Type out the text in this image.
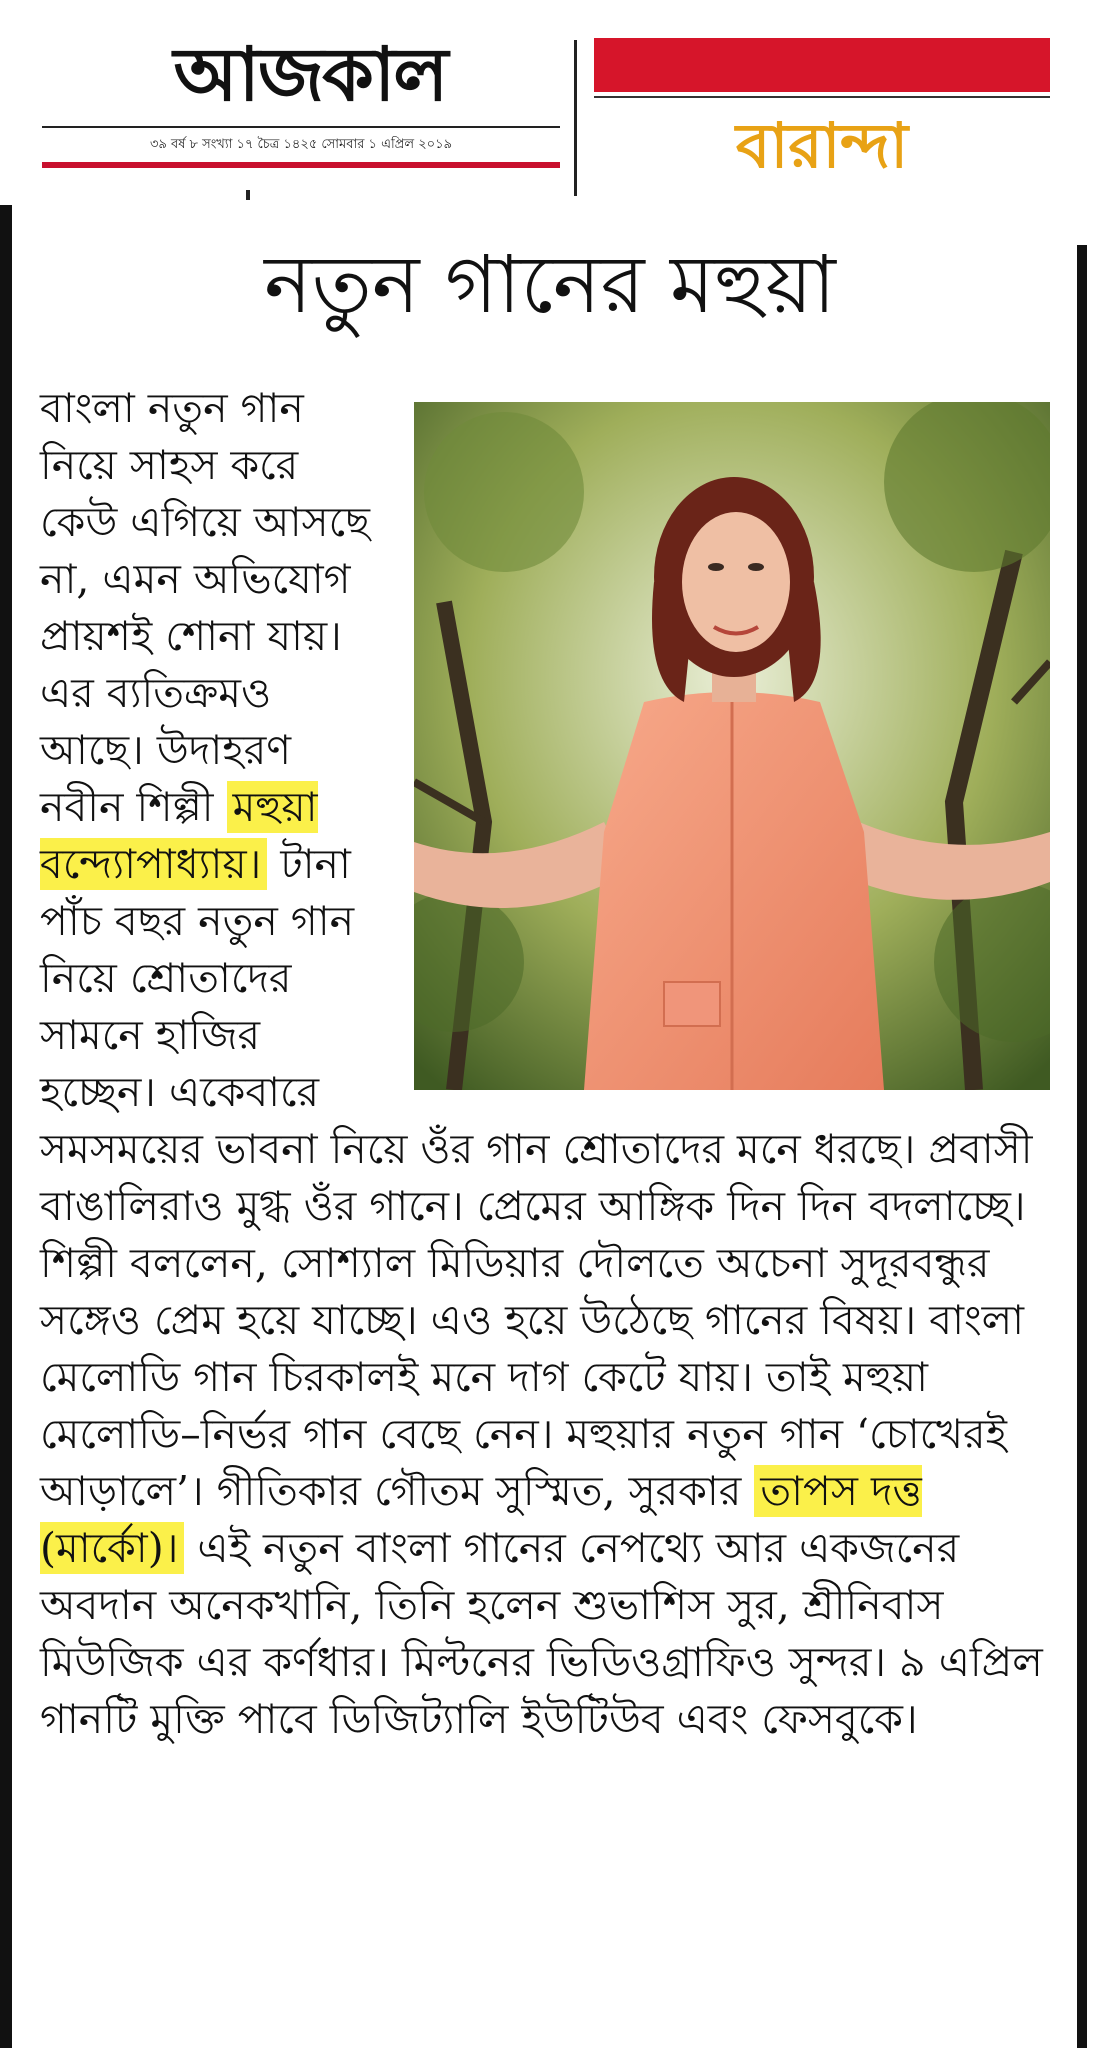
আজকাল
৩৯ বর্ষ ৮ সংখ্যা ১৭ চৈত্র ১৪২৫ সোমবার ১ এপ্রিল ২০১৯	বারান্দা
নতুন গানের মহুয়া

বাংলা নতুন গান নিয়ে সাহস করে কেউ এগিয়ে আসছে না, এমন অভিযোগ প্রায়শই শোনা যায়। এর ব্যতিক্রমও আছে। উদাহরণ নবীন শিল্পী মহুয়া বন্দ্যোপাধ্যায়। টানা পাঁচ বছর নতুন গান নিয়ে শ্রোতাদের সামনে হাজির হচ্ছেন। একেবারে সমসময়ের ভাবনা নিয়ে ওঁর গান শ্রোতাদের মনে ধরছে। প্রবাসী বাঙালিরাও মুগ্ধ ওঁর গানে। প্রেমের আঙ্গিক দিন দিন বদলাচ্ছে। শিল্পী বললেন, সোশ্যাল মিডিয়ার দৌলতে অচেনা সুদূরবন্ধুর সঙ্গেও প্রেম হয়ে যাচ্ছে। এও হয়ে উঠেছে গানের বিষয়। বাংলা মেলোডি গান চিরকালই মনে দাগ কেটে যায়। তাই মহুয়া মেলোডি–নির্ভর গান বেছে নেন। মহুয়ার নতুন গান ‘চোখেরই আড়ালে’। গীতিকার গৌতম সুস্মিত, সুরকার তাপস দত্ত (মার্কো)। এই নতুন বাংলা গানের নেপথ্যে আর একজনের অবদান অনেকখানি, তিনি হলেন শুভাশিস সুর, শ্রীনিবাস মিউজিক এর কর্ণধার। মিল্টনের ভিডিওগ্রাফিও সুন্দর। ৯ এপ্রিল গানটি মুক্তি পাবে ডিজিট্যালি ইউটিউব এবং ফেসবুকে।
